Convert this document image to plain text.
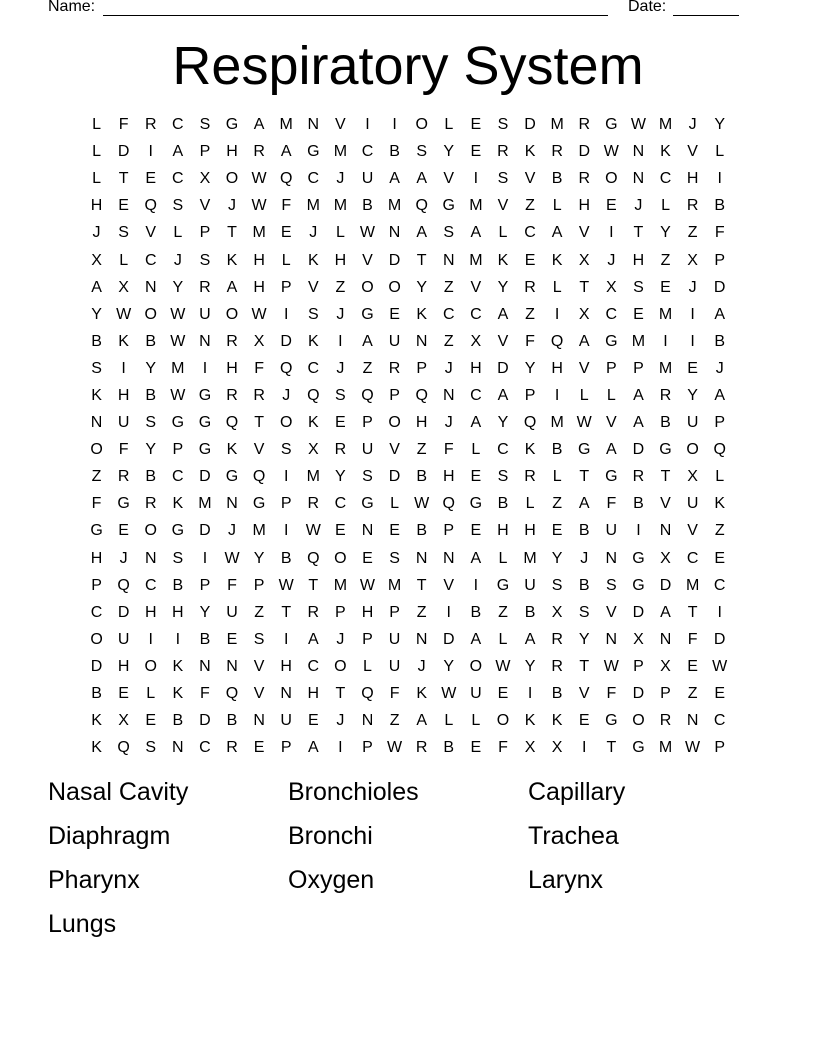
Name:	Date:
Respiratory System
L	F	R C S G A M N V	I	I	O	L	E	S D M R G W M	J	Y
L	D	I	A	P H R A G M C B	S	Y	E R K R D W N K	V	L
L	T	E C X O W Q C	J	U A	A	V	I	S	V	B R O N C H	I
H E Q S	V	J W F M M B M Q G M V	Z	L	H E	J	L	R B
J	S	V	L	P	T M E	J	L W N A	S	A	L	C A	V	I	T	Y	Z	F
X	L	C	J	S	K H	L	K H V D	T	N M K	E	K	X	J	H	Z	X	P
A	X N Y R A H P	V	Z O O Y	Z	V	Y R	L	T	X	S	E	J	D
Y W O W U O W	I	S	J	G E	K C C A	Z	I	X C E M	I	A
B	K	B W N R X D K	I	A U N	Z	X	V	F Q A G M	I	I	B
S	I	Y M	I	H	F Q C	J	Z	R P	J	H D Y H V	P	P M E	J
K H B W G R R	J	Q S Q P Q N C A	P	I	L	L	A R Y	A
N U S G G Q T O K	E	P O H	J	A	Y Q M W V	A	B U P
O F	Y	P G K	V	S	X R U V	Z	F	L	C K	B G A D G O Q
Z	R B C D G Q	I	M Y	S D B H E	S R	L	T G R	T	X	L
F G R K M N G P R C G	L W Q G B	L	Z	A	F	B	V U K
G E O G D	J	M	I	W E N E	B	P	E H H E	B U	I	N V	Z
H	J	N S	I	W Y	B Q O E	S N N A	L M Y	J	N G X C E
P Q C B	P	F	P W T M W M T	V	I	G U S	B	S G D M C
C D H H Y U	Z	T	R P H P	Z	I	B	Z	B	X	S	V D A	T	I
O U	I	I	B	E	S	I	A	J	P U N D A	L	A R Y N X N	F	D
D H O K N N V H C O	L	U	J	Y O W Y R	T W P	X	E W
B	E	L	K	F Q V N H	T Q F	K W U E	I	B	V	F	D P	Z	E
K	X	E	B D B N U E	J	N	Z	A	L	L	O K	K	E G O R N C
K Q S N C R E	P	A	I	P W R B	E	F	X	X	I	T G M W P
Nasal Cavity	Bronchioles	Capillary
Diaphragm	Bronchi	Trachea
Pharynx	Oxygen	Larynx
Lungs
